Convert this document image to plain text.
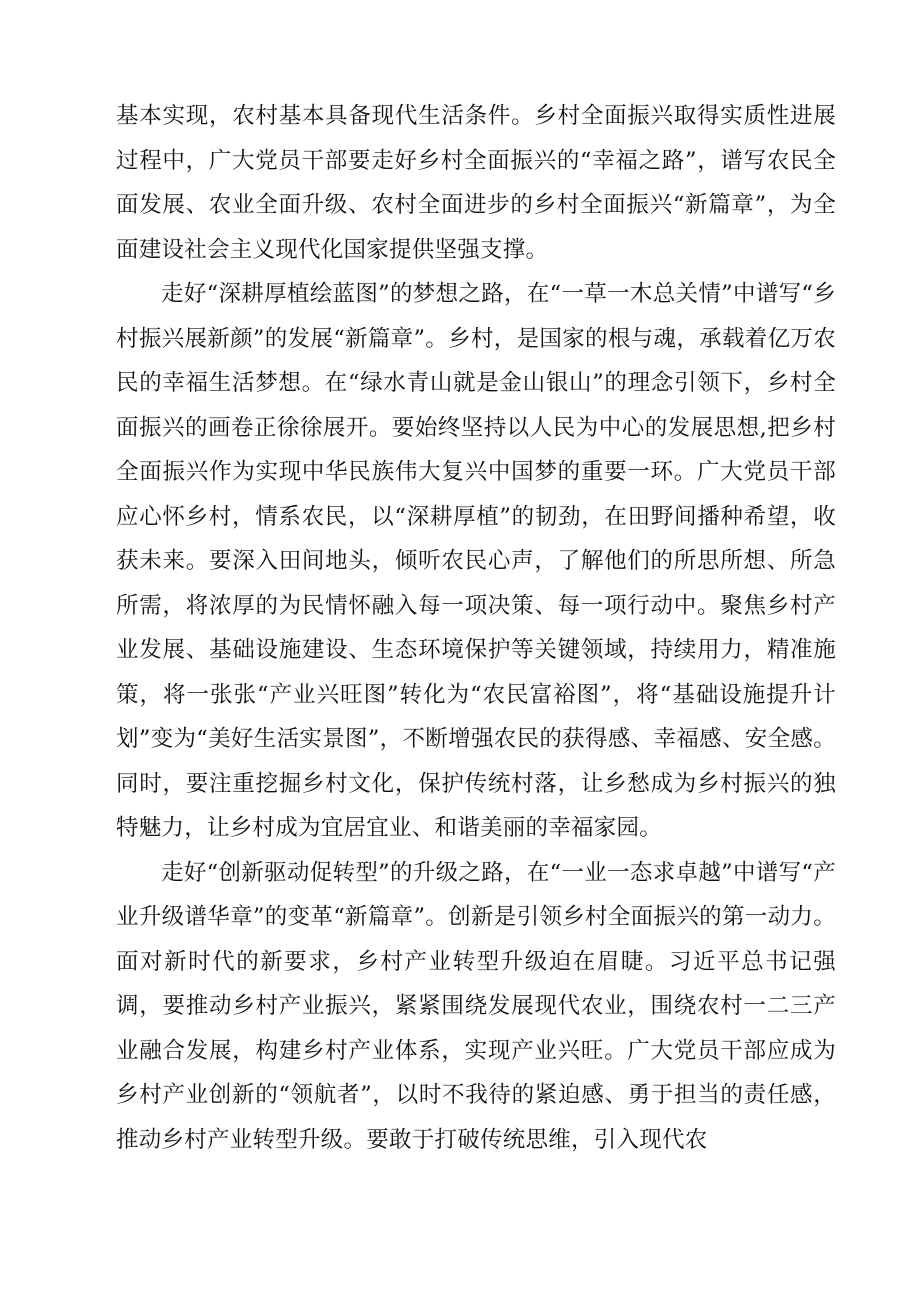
基本实现，农村基本具备现代生活条件。乡村全面振兴取得实质性进展过程中，广大党员干部要走好乡村全面振兴的“幸福之路”，谱写农民全面发展、农业全面升级、农村全面进步的乡村全面振兴“新篇章”，为全面建设社会主义现代化国家提供坚强支撑。

走好“深耕厚植绘蓝图”的梦想之路，在“一草一木总关情”中谱写“乡村振兴展新颜”的发展“新篇章”。乡村，是国家的根与魂，承载着亿万农民的幸福生活梦想。在“绿水青山就是金山银山”的理念引领下，乡村全面振兴的画卷正徐徐展开。要始终坚持以人民为中心的发展思想,把乡村全面振兴作为实现中华民族伟大复兴中国梦的重要一环。广大党员干部应心怀乡村，情系农民，以“深耕厚植”的韧劲，在田野间播种希望，收获未来。要深入田间地头，倾听农民心声，了解他们的所思所想、所急所需，将浓厚的为民情怀融入每一项决策、每一项行动中。聚焦乡村产业发展、基础设施建设、生态环境保护等关键领域，持续用力，精准施策，将一张张“产业兴旺图”转化为“农民富裕图”，将“基础设施提升计划”变为“美好生活实景图”，不断增强农民的获得感、幸福感、安全感。同时，要注重挖掘乡村文化，保护传统村落，让乡愁成为乡村振兴的独特魅力，让乡村成为宜居宜业、和谐美丽的幸福家园。

走好“创新驱动促转型”的升级之路，在“一业一态求卓越”中谱写“产业升级谱华章”的变革“新篇章”。创新是引领乡村全面振兴的第一动力。面对新时代的新要求，乡村产业转型升级迫在眉睫。习近平总书记强调，要推动乡村产业振兴，紧紧围绕发展现代农业，围绕农村一二三产业融合发展，构建乡村产业体系，实现产业兴旺。广大党员干部应成为乡村产业创新的“领航者”，以时不我待的紧迫感、勇于担当的责任感，推动乡村产业转型升级。要敢于打破传统思维，引入现代农
